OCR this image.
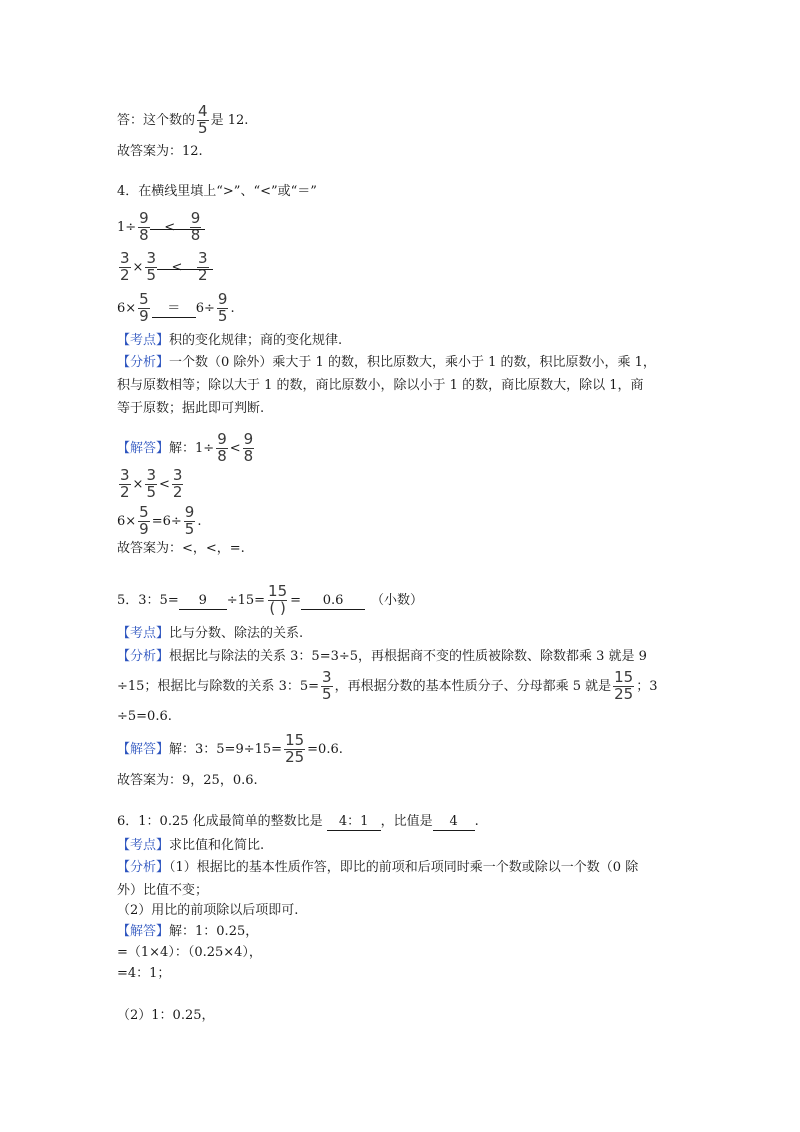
答：这个数的 $\frac{4}{5}$ 是 12.
故答案为：12.
4．在横线里填上“>”、“<”或“＝”
$1\div \frac{9}{8} < \frac{9}{8}$
$\frac{3}{2} \times \frac{3}{5} < \frac{3}{2}$
$6\times \frac{5}{9} = 6\div \frac{9}{5}$ .
【考点】积的变化规律；商的变化规律.
【分析】一个数（0 除外）乘大于 1 的数，积比原数大，乘小于 1 的数，积比原数小，乘 1，
积与原数相等；除以大于 1 的数，商比原数小，除以小于 1 的数，商比原数大，除以 1，商
等于原数；据此即可判断.
【解答】解：$1\div \frac{9}{8} < \frac{9}{8}$
$\frac{3}{2} \times \frac{3}{5} < \frac{3}{2}$
$6\times \frac{5}{9} =6\div \frac{9}{5}$ .
故答案为：<，<，=.
5．3：$5= 9 \div 15= \frac{15}{( )} = 0.6$ （小数）
【考点】比与分数、除法的关系.
【分析】根据比与除法的关系 3：5=3÷5，再根据商不变的性质被除数、除数都乘 3 就是 9
÷15；根据比与除数的关系 3：$5= \frac{3}{5}$ ，再根据分数的基本性质分子、分母都乘 5 就是 $\frac{15}{25}$ ；3
÷5=0.6.
【解答】解：3：$5=9\div 15= \frac{15}{25} =0.6$.
故答案为：9，25，0.6.
6．1：0.25 化成最简单的整数比是 4：1 ，比值是 4 .
【考点】求比值和化简比.
【分析】（1）根据比的基本性质作答，即比的前项和后项同时乘一个数或除以一个数（0 除
外）比值不变；
（2）用比的前项除以后项即可.
【解答】解：1：0.25，
=（1×4）：（0.25×4），
=4：1；
（2）1：0.25，
